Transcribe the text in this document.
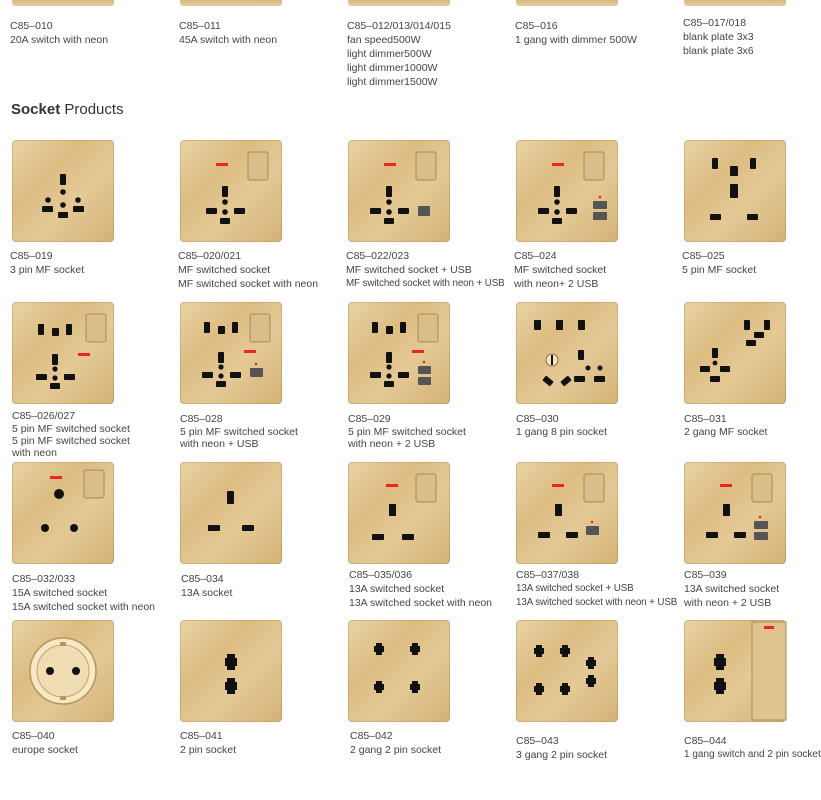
C85–010
20A switch with neon
C85–011
45A switch with neon
C85–012/013/014/015
fan speed500W
light dimmer500W
light dimmer1000W
light dimmer1500W
C85–016
1 gang with dimmer 500W
C85–017/018
blank plate 3x3
blank plate 3x6
Socket Products
C85–019
3 pin MF socket
C85–020/021
MF switched socket
MF switched socket with neon
C85–022/023
MF switched socket + USB
MF switched socket with neon + USB
C85–024
MF switched socket
with neon+ 2 USB
C85–025
5 pin MF socket
C85–026/027
5 pin MF switched socket
5 pin MF switched socket
with neon
C85–028
5 pin MF switched socket
with neon + USB
C85–029
5 pin MF switched socket
with neon + 2 USB
C85–030
1 gang 8 pin socket
C85–031
2 gang MF socket
C85–032/033
15A switched socket
15A switched socket with neon
C85–034
13A socket
C85–035/036
13A switched socket
13A switched socket with neon
C85–037/038
13A switched socket + USB
13A switched socket with neon + USB
C85–039
13A switched socket
with neon + 2 USB
C85–040
europe socket
C85–041
2 pin socket
C85–042
2 gang 2 pin socket
C85–043
3 gang 2 pin socket
C85–044
1 gang switch and 2 pin socket
